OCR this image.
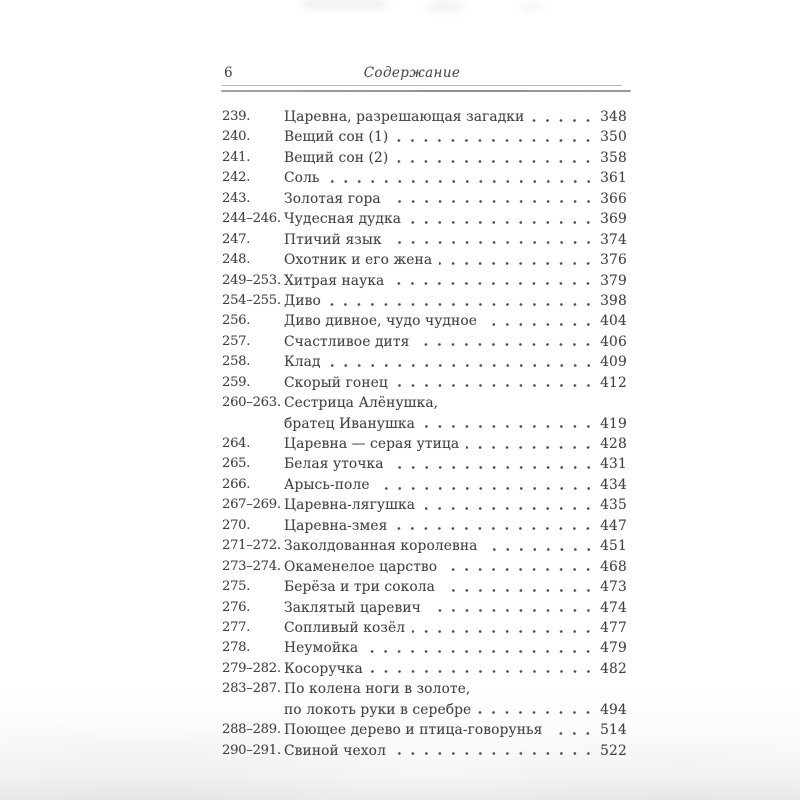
6	Содержание
239.	Царевна, разрешающая загадки	348
240.	Вещий сон (1)	350
241.	Вещий сон (2)	358
242.	Соль	361
243.	Золотая гора	366
244–246. Чудесная дудка	369
247.	Птичий язык	374
248.	Охотник и его жена	376
249–253. Хитрая наука	379
254–255. Диво	398
256.	Диво дивное, чудо чудное	404
257.	Счастливое дитя	406
258.	Клад	409
259.	Скорый гонец	412
260–263. Сестрица Алёнушка,
братец Иванушка	419
264.	Царевна — серая утица	428
265.	Белая уточка	431
266.	Арысь-поле	434
267–269. Царевна-лягушка	435
270.	Царевна-змея	447
271–272. Заколдованная королевна	451
273–274. Окаменелое царство	468
275.	Берёза и три сокола	473
276.	Заклятый царевич	474
277.	Сопливый козёл	477
278.	Неумойка	479
279–282. Косоручка	482
283–287. По колена ноги в золоте,
по локоть руки в серебре	494
288–289. Поющее дерево и птица-говорунья	514
290–291. Свиной чехол	522
